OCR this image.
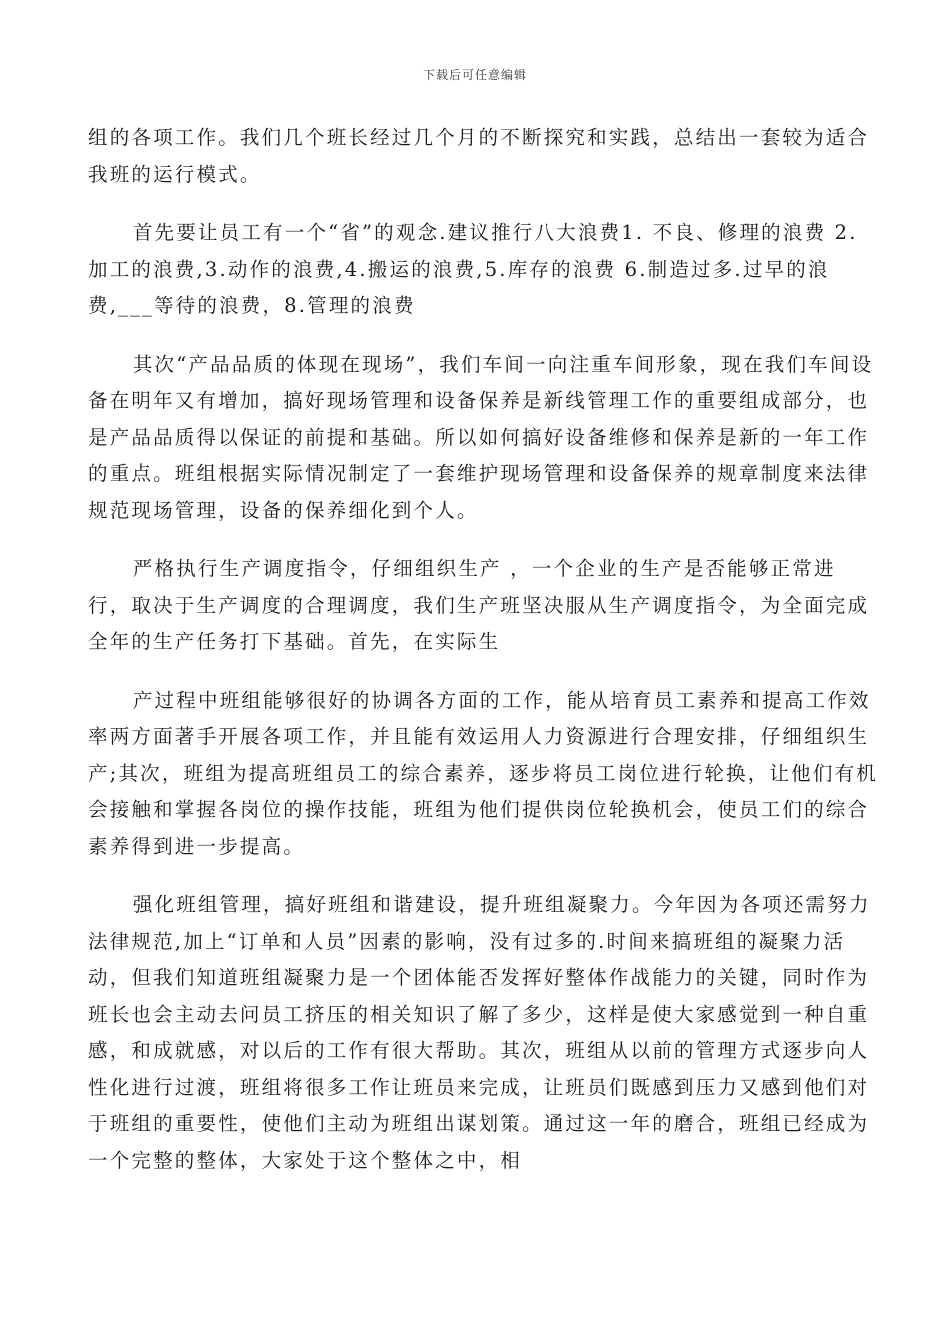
下载后可任意编辑

组的各项工作。我们几个班长经过几个月的不断探究和实践，总结出一套较为适合我班的运行模式。

首先要让员工有一个“省”的观念.建议推行八大浪费1. 不良、修理的浪费 2.加工的浪费,3.动作的浪费,4.搬运的浪费,5.库存的浪费 6.制造过多.过早的浪费,___等待的浪费，8.管理的浪费

其次“产品品质的体现在现场”，我们车间一向注重车间形象，现在我们车间设备在明年又有增加，搞好现场管理和设备保养是新线管理工作的重要组成部分，也是产品品质得以保证的前提和基础。所以如何搞好设备维修和保养是新的一年工作的重点。班组根据实际情况制定了一套维护现场管理和设备保养的规章制度来法律规范现场管理，设备的保养细化到个人。

严格执行生产调度指令，仔细组织生产 ，一个企业的生产是否能够正常进行，取决于生产调度的合理调度，我们生产班坚决服从生产调度指令，为全面完成全年的生产任务打下基础。首先，在实际生

产过程中班组能够很好的协调各方面的工作，能从培育员工素养和提高工作效率两方面著手开展各项工作，并且能有效运用人力资源进行合理安排，仔细组织生产;其次，班组为提高班组员工的综合素养，逐步将员工岗位进行轮换，让他们有机会接触和掌握各岗位的操作技能，班组为他们提供岗位轮换机会，使员工们的综合素养得到进一步提高。

强化班组管理，搞好班组和谐建设，提升班组凝聚力。今年因为各项还需努力法律规范,加上“订单和人员”因素的影响，没有过多的.时间来搞班组的凝聚力活动，但我们知道班组凝聚力是一个团体能否发挥好整体作战能力的关键，同时作为班长也会主动去问员工挤压的相关知识了解了多少，这样是使大家感觉到一种自重感，和成就感，对以后的工作有很大帮助。其次，班组从以前的管理方式逐步向人性化进行过渡，班组将很多工作让班员来完成，让班员们既感到压力又感到他们对于班组的重要性，使他们主动为班组出谋划策。通过这一年的磨合，班组已经成为一个完整的整体，大家处于这个整体之中，相
